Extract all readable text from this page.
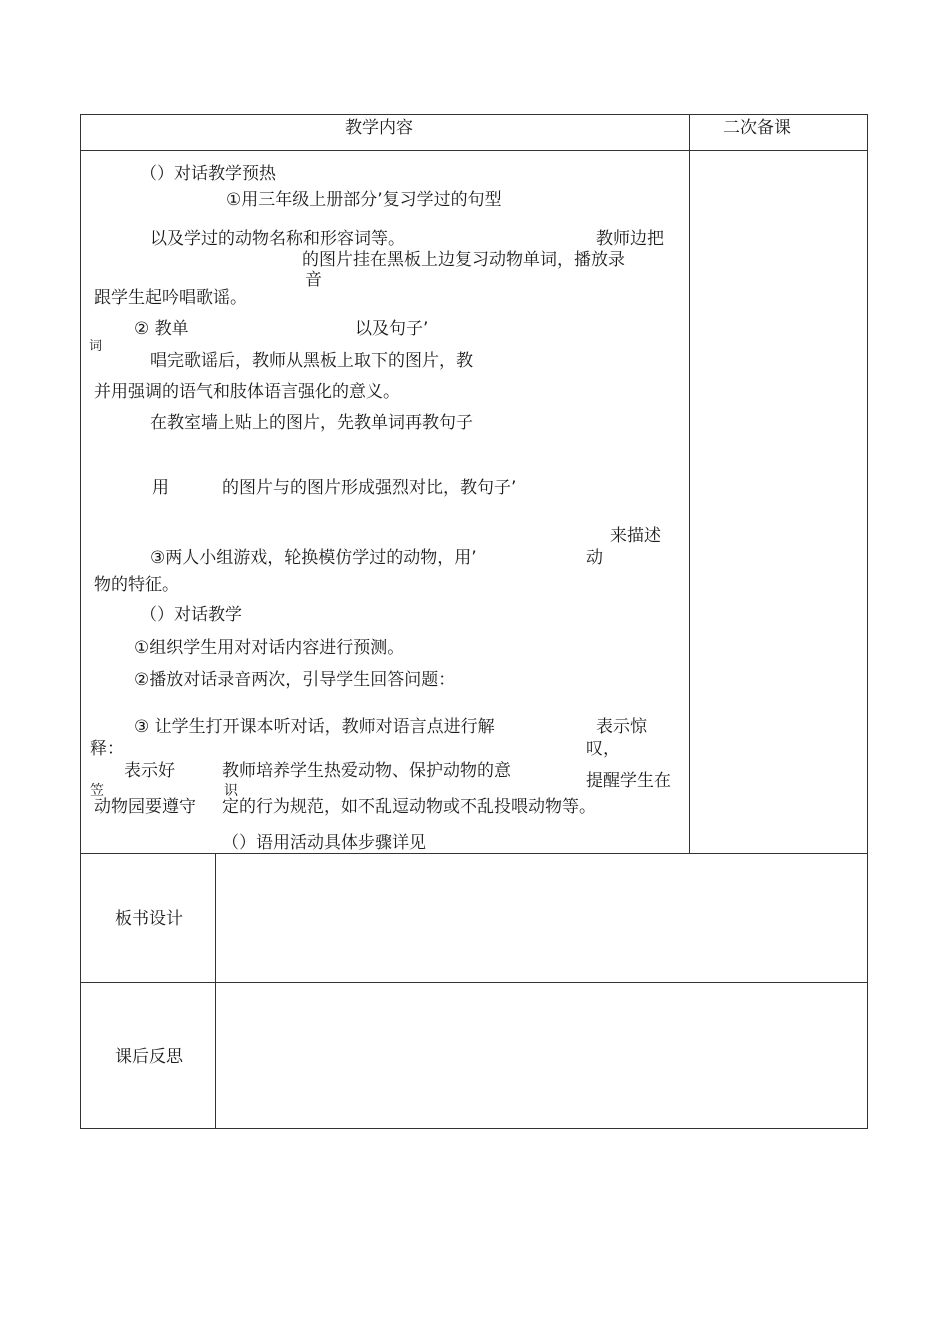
教学内容	二次备课
（）对话教学预热
①用三年级上册部分’复习学过的句型
以及学过的动物名称和形容词等。	教师边把
的图片挂在黑板上边复习动物单词，播放录
音
跟学生起吟唱歌谣。
② 教单	以及句子’
词
唱完歌谣后，教师从黑板上取下的图片，教
并用强调的语气和肢体语言强化的意义。
在教室墙上贴上的图片，先教单词再教句子
用	的图片与的图片形成强烈对比，教句子’
来描述
③两人小组游戏，轮换模仿学过的动物，用’	动
物的特征。
（）对话教学
①组织学生用对对话内容进行预测。
②播放对话录音两次，引导学生回答问题：
③ 让学生打开课本听对话，教师对语言点进行解	表示惊
释：	叹，
表示好	教师培养学生热爱动物、保护动物的意	提醒学生在
笠	识
动物园要遵守 定的行为规范，如不乱逗动物或不乱投喂动物等。
（）语用活动具体步骤详见
板书设计
课后反思
